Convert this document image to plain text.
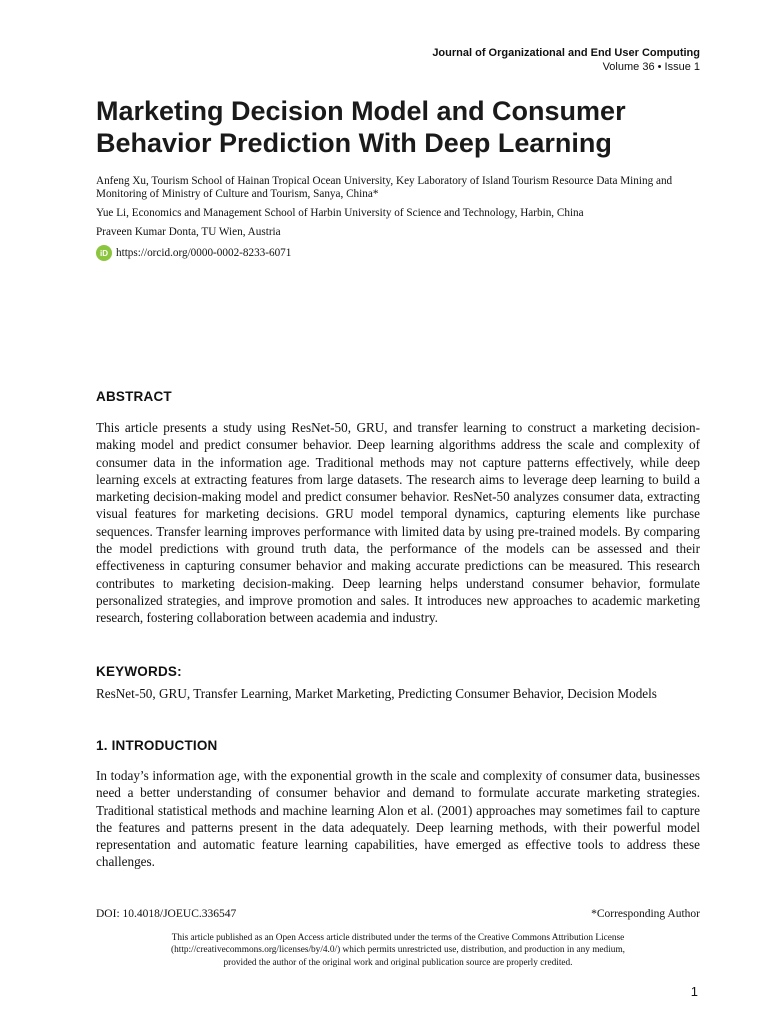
Journal of Organizational and End User Computing
Volume 36 • Issue 1
Marketing Decision Model and Consumer
Behavior Prediction With Deep Learning
Anfeng Xu, Tourism School of Hainan Tropical Ocean University, Key Laboratory of Island Tourism Resource Data Mining and Monitoring of Ministry of Culture and Tourism, Sanya, China*
Yue Li, Economics and Management School of Harbin University of Science and Technology, Harbin, China
Praveen Kumar Donta, TU Wien, Austria
iD https://orcid.org/0000-0002-8233-6071
ABSTRACT
This article presents a study using ResNet-50, GRU, and transfer learning to construct a marketing decision-making model and predict consumer behavior. Deep learning algorithms address the scale and complexity of consumer data in the information age. Traditional methods may not capture patterns effectively, while deep learning excels at extracting features from large datasets. The research aims to leverage deep learning to build a marketing decision-making model and predict consumer behavior. ResNet-50 analyzes consumer data, extracting visual features for marketing decisions. GRU model temporal dynamics, capturing elements like purchase sequences. Transfer learning improves performance with limited data by using pre-trained models. By comparing the model predictions with ground truth data, the performance of the models can be assessed and their effectiveness in capturing consumer behavior and making accurate predictions can be measured. This research contributes to marketing decision-making. Deep learning helps understand consumer behavior, formulate personalized strategies, and improve promotion and sales. It introduces new approaches to academic marketing research, fostering collaboration between academia and industry.
KEYWORDS:
ResNet-50, GRU, Transfer Learning, Market Marketing, Predicting Consumer Behavior, Decision Models
1. INTRODUCTION
In today’s information age, with the exponential growth in the scale and complexity of consumer data, businesses need a better understanding of consumer behavior and demand to formulate accurate marketing strategies. Traditional statistical methods and machine learning Alon et al. (2001) approaches may sometimes fail to capture the features and patterns present in the data adequately. Deep learning methods, with their powerful model representation and automatic feature learning capabilities, have emerged as effective tools to address these challenges.
DOI: 10.4018/JOEUC.336547	*Corresponding Author
This article published as an Open Access article distributed under the terms of the Creative Commons Attribution License
(http://creativecommons.org/licenses/by/4.0/) which permits unrestricted use, distribution, and production in any medium,
provided the author of the original work and original publication source are properly credited.
1
